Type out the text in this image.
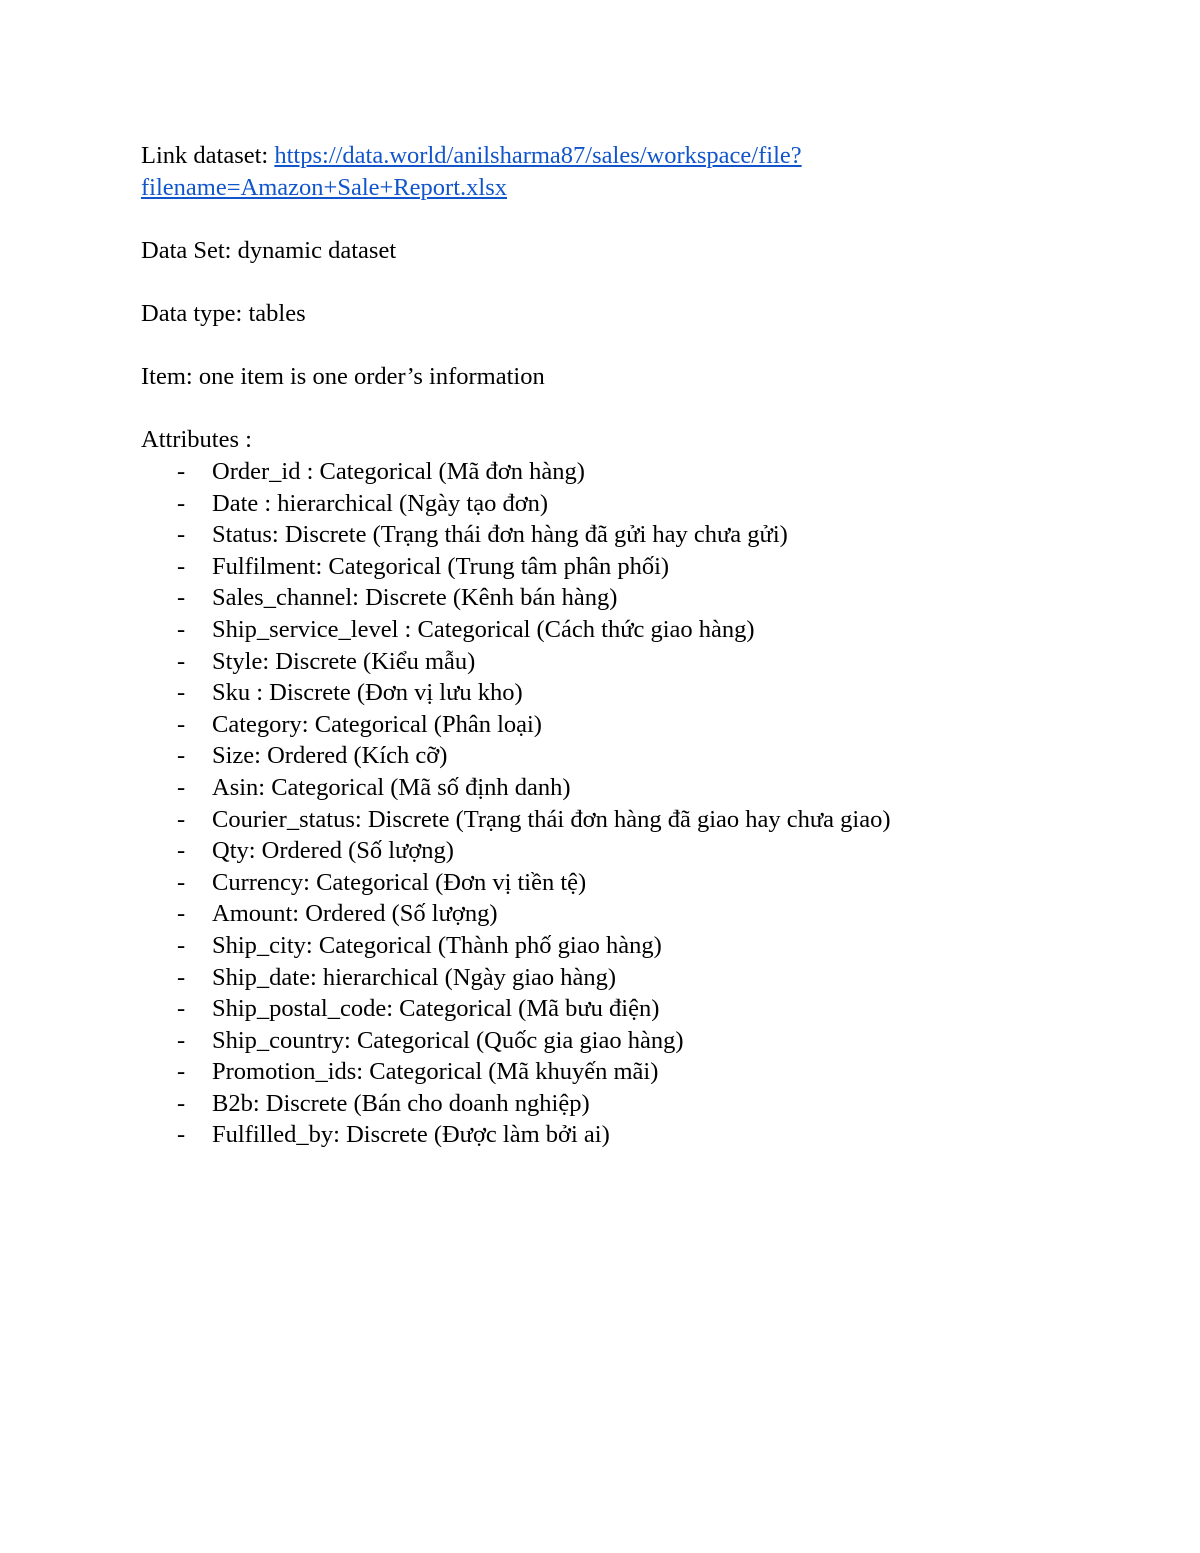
Link dataset: https://data.world/anilsharma87/sales/workspace/file?
filename=Amazon+Sale+Report.xlsx

Data Set: dynamic dataset

Data type: tables

Item: one item is one order’s information

Attributes :

- Order_id : Categorical (Mã đơn hàng)
- Date : hierarchical (Ngày tạo đơn)
- Status: Discrete (Trạng thái đơn hàng đã gửi hay chưa gửi)
- Fulfilment: Categorical (Trung tâm phân phối)
- Sales_channel: Discrete (Kênh bán hàng)
- Ship_service_level : Categorical (Cách thức giao hàng)
- Style: Discrete (Kiểu mẫu)
- Sku : Discrete (Đơn vị lưu kho)
- Category: Categorical (Phân loại)
- Size: Ordered (Kích cỡ)
- Asin: Categorical (Mã số định danh)
- Courier_status: Discrete (Trạng thái đơn hàng đã giao hay chưa giao)
- Qty: Ordered (Số lượng)
- Currency: Categorical (Đơn vị tiền tệ)
- Amount: Ordered (Số lượng)
- Ship_city: Categorical (Thành phố giao hàng)
- Ship_date: hierarchical (Ngày giao hàng)
- Ship_postal_code: Categorical (Mã bưu điện)
- Ship_country: Categorical (Quốc gia giao hàng)
- Promotion_ids: Categorical (Mã khuyến mãi)
- B2b: Discrete (Bán cho doanh nghiệp)
- Fulfilled_by: Discrete (Được làm bởi ai)
